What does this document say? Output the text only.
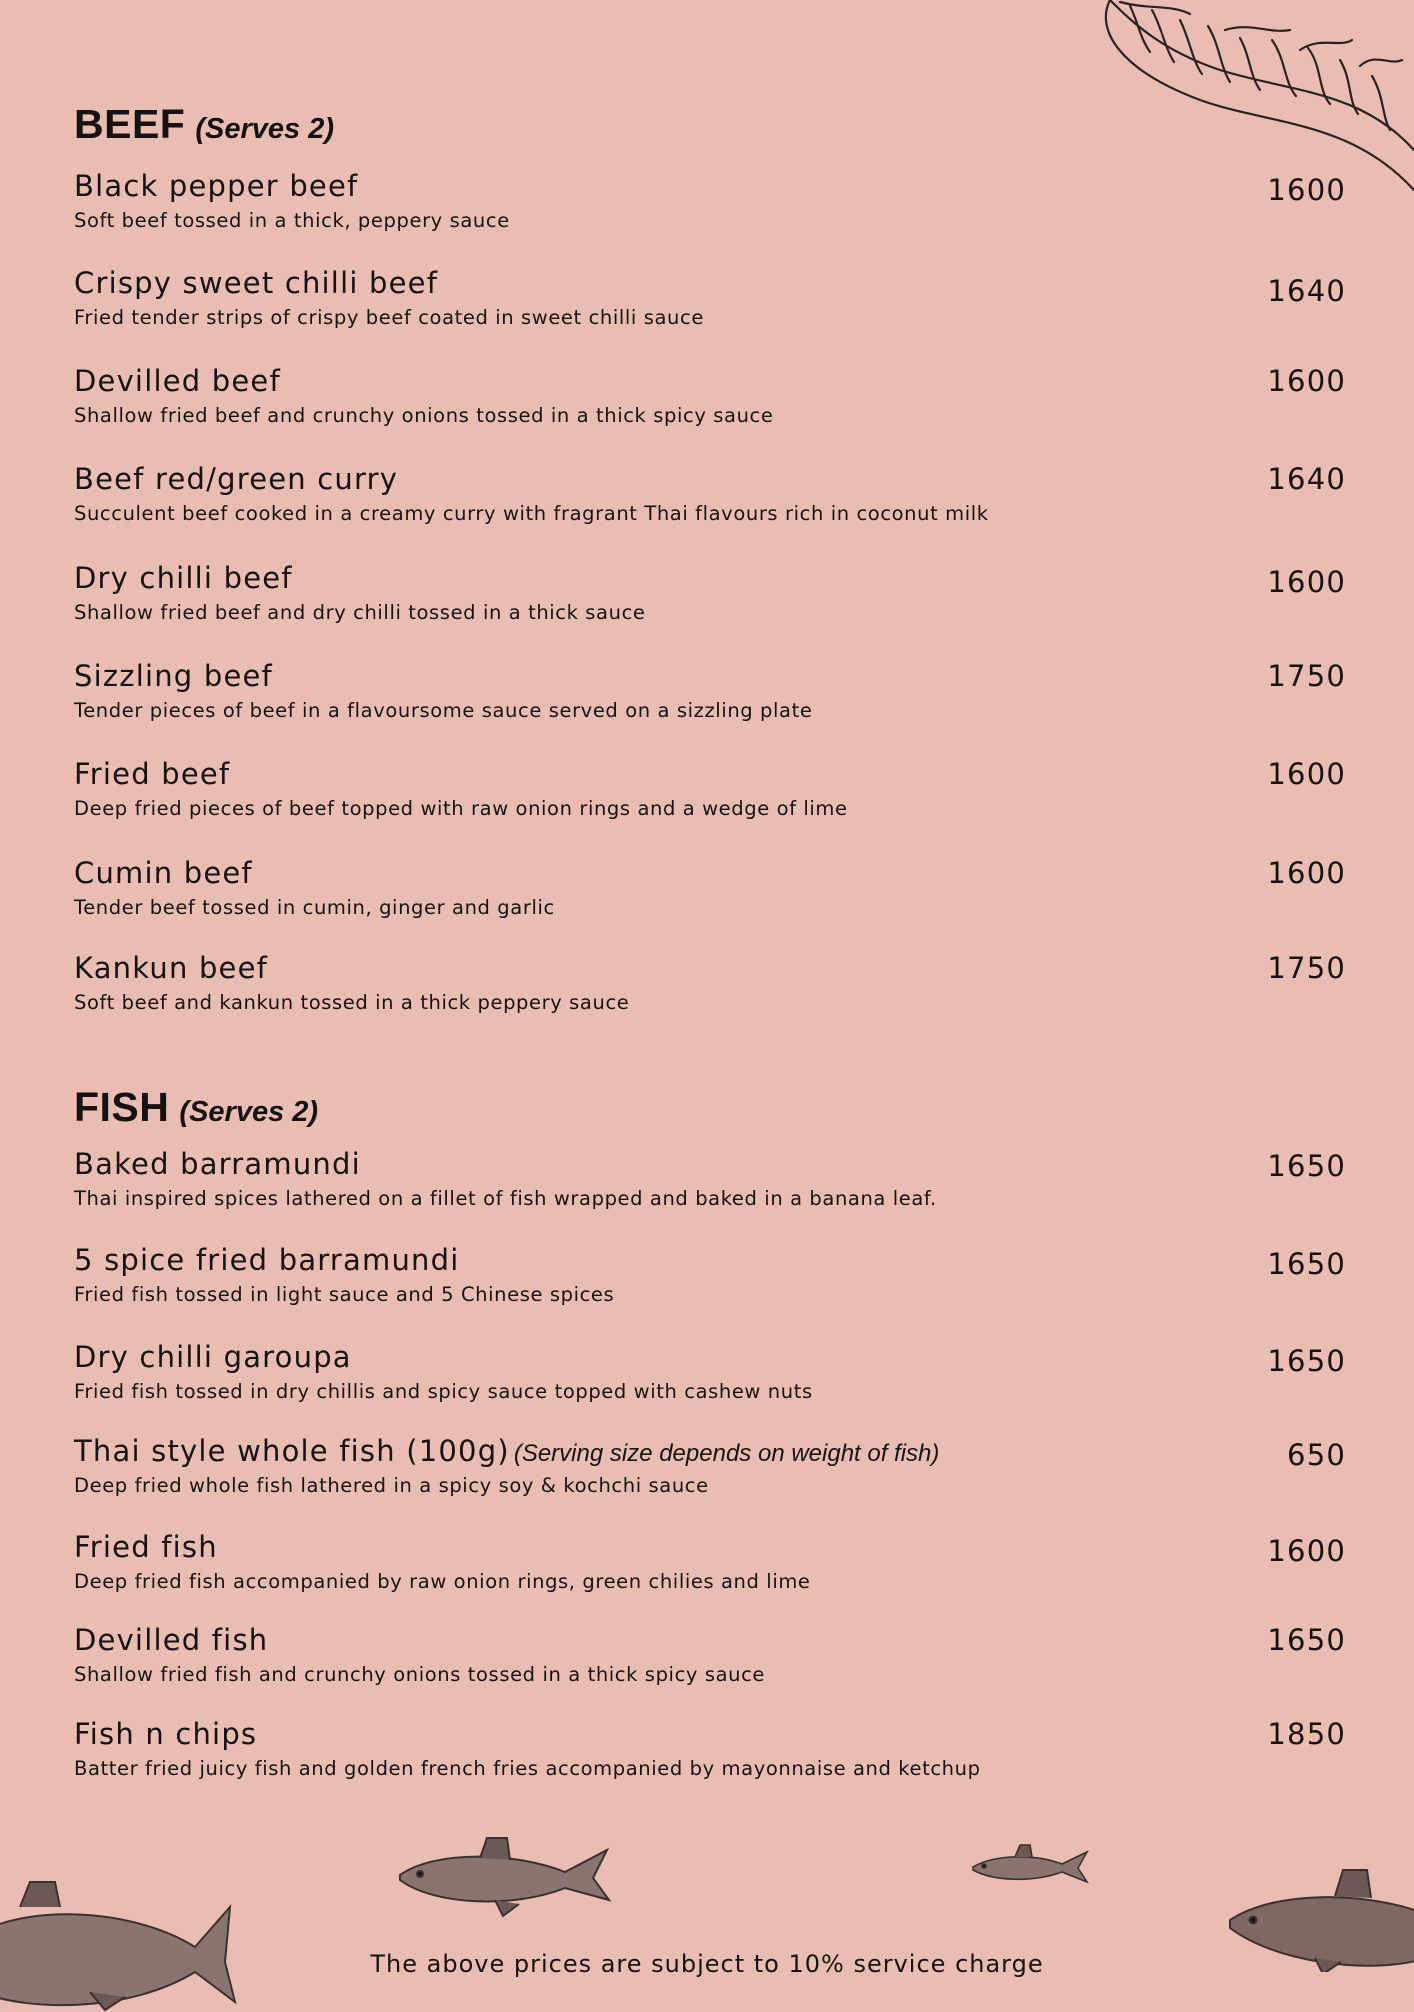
BEEF (Serves 2)
Black pepper beef
Soft beef tossed in a thick, peppery sauce
1600
Crispy sweet chilli beef
Fried tender strips of crispy beef coated in sweet chilli sauce
1640
Devilled beef
Shallow fried beef and crunchy onions tossed in a thick spicy sauce
1600
Beef red/green curry
Succulent beef cooked in a creamy curry with fragrant Thai flavours rich in coconut milk
1640
Dry chilli beef
Shallow fried beef and dry chilli tossed in a thick sauce
1600
Sizzling beef
Tender pieces of beef in a flavoursome sauce served on a sizzling plate
1750
Fried beef
Deep fried pieces of beef topped with raw onion rings and a wedge of lime
1600
Cumin beef
Tender beef tossed in cumin, ginger and garlic
1600
Kankun beef
Soft beef and kankun tossed in a thick peppery sauce
1750
FISH (Serves 2)
Baked barramundi
Thai inspired spices lathered on a fillet of fish wrapped and baked in a banana leaf.
1650
5 spice fried barramundi
Fried fish tossed in light sauce and 5 Chinese spices
1650
Dry chilli garoupa
Fried fish tossed in dry chillis and spicy sauce topped with cashew nuts
1650
Thai style whole fish (100g) (Serving size depends on weight of fish)
Deep fried whole fish lathered in a spicy soy & kochchi sauce
650
Fried fish
Deep fried fish accompanied by raw onion rings, green chilies and lime
1600
Devilled fish
Shallow fried fish and crunchy onions tossed in a thick spicy sauce
1650
Fish n chips
Batter fried juicy fish and golden french fries accompanied by mayonnaise and ketchup
1850
The above prices are subject to 10% service charge
